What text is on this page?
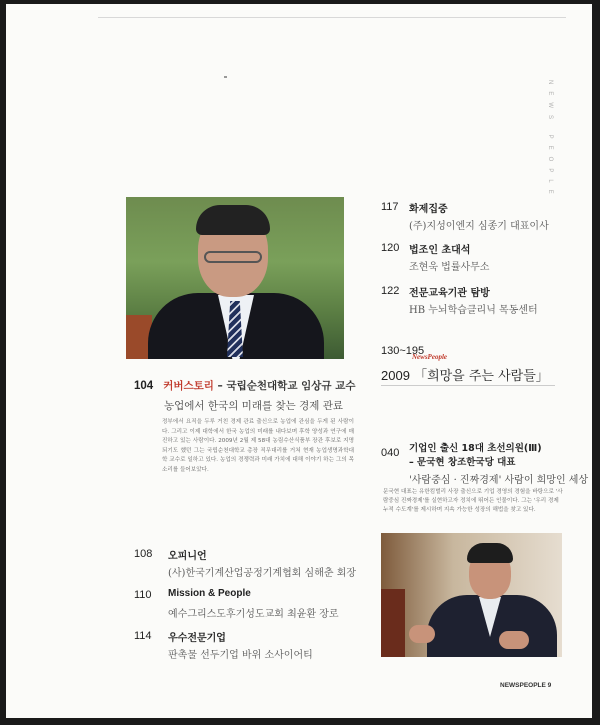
NEWS PEOPLE
104 커버스토리 – 국립순천대학교 임상규 교수
농업에서 한국의 미래를 찾는 경제 관료
정부에서 요직을 두루 거친 경제 관료 출신으로 농업에 관심을 두게 된 사람이다. 그리고 이제 대학에서 한국 농업의 미래를 내다보며 후학 양성과 연구에 매진하고 있는 사람이다. 2009년 2월 제 58대 농림수산식품부 장관 후보로 지명되기도 했던 그는 국립순천대학교 총장 직무대리를 거쳐 현재 농업생명과학대학 교수로 일하고 있다. 농업의 경쟁력과 미래 가치에 대해 이야기 하는 그의 목소리를 들어보았다.
117 화제집중
(주)지성이엔지 심종기 대표이사
120 법조인 초대석
조현욱 법률사무소
122 전문교육기관 탐방
HB 누뇌학습클리닉 목동센터
130~195
NewsPeople
2009 「희망을 주는 사람들」
040 기업인 출신 18대 초선의원(Ⅲ)
– 문국현 창조한국당 대표
'사람중심 · 진짜경제' 사람이 희망인 세상
문국현 대표는 유한킴벌리 사장 출신으로 기업 경영의 경험을 바탕으로 '사람중심 진짜경제'를 실현하고자 정치에 뛰어든 인물이다. 그는 '우리 경제 누적 수도계'를 제시하며 지속 가능한 성장의 해법을 찾고 있다.
108 오피니언
(사)한국기계산업공정기계협회 심해춘 회장
110 Mission & People
예수그리스도후기성도교회 최윤환 장로
114 우수전문기업
판촉물 선두기업 바위 소사이어티
NEWSPEOPLE 9
